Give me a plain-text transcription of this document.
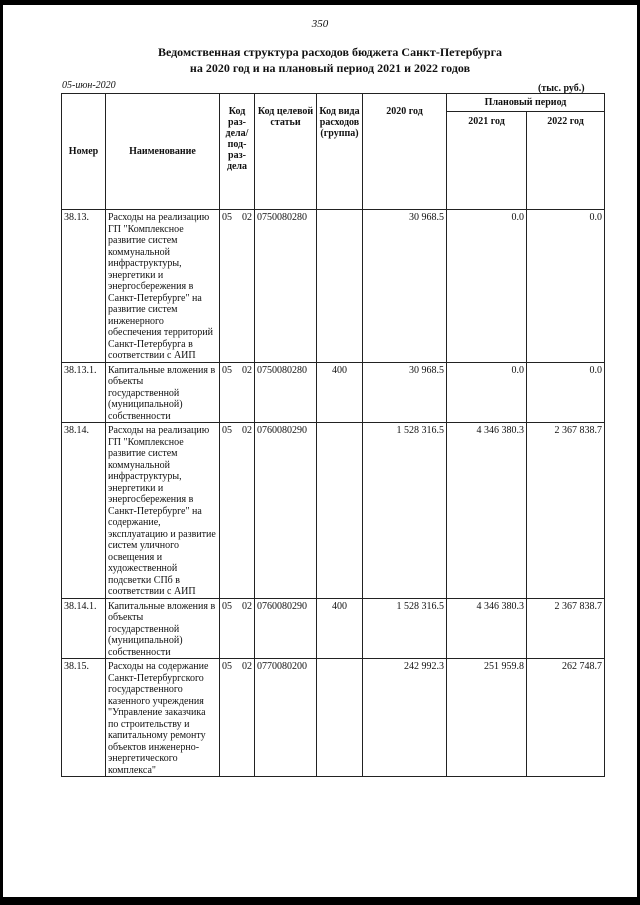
350
Ведомственная структура расходов бюджета Санкт-Петербурга
на 2020 год и на плановый период 2021 и 2022 годов
05-июн-2020	(тыс. руб.)
Номер	Наименование	Код раз-дела/ под-раз-дела	Код целевой статьи	Код вида расходов (группа)	2020 год	Плановый период	
						2021 год	2022 год
38.13.	Расходы на реализацию ГП "Комплексное развитие систем коммунальной инфраструктуры, энергетики и энергосбережения в Санкт-Петербурге" на развитие систем инженерного обеспечения территорий Санкт-Петербурга в соответствии с АИП	05 02	0750080280		30 968.5	0.0	0.0
38.13.1.	Капитальные вложения в объекты государственной (муниципальной) собственности	05 02	0750080280	400	30 968.5	0.0	0.0
38.14.	Расходы на реализацию ГП "Комплексное развитие систем коммунальной инфраструктуры, энергетики и энергосбережения в Санкт-Петербурге" на содержание, эксплуатацию и развитие систем уличного освещения и художественной подсветки СПб в соответствии с АИП	05 02	0760080290		1 528 316.5	4 346 380.3	2 367 838.7
38.14.1.	Капитальные вложения в объекты государственной (муниципальной) собственности	05 02	0760080290	400	1 528 316.5	4 346 380.3	2 367 838.7
38.15.	Расходы на содержание Санкт-Петербургского государственного казенного учреждения "Управление заказчика по строительству и капитальному ремонту объектов инженерно-энергетического комплекса"	05 02	0770080200		242 992.3	251 959.8	262 748.7
